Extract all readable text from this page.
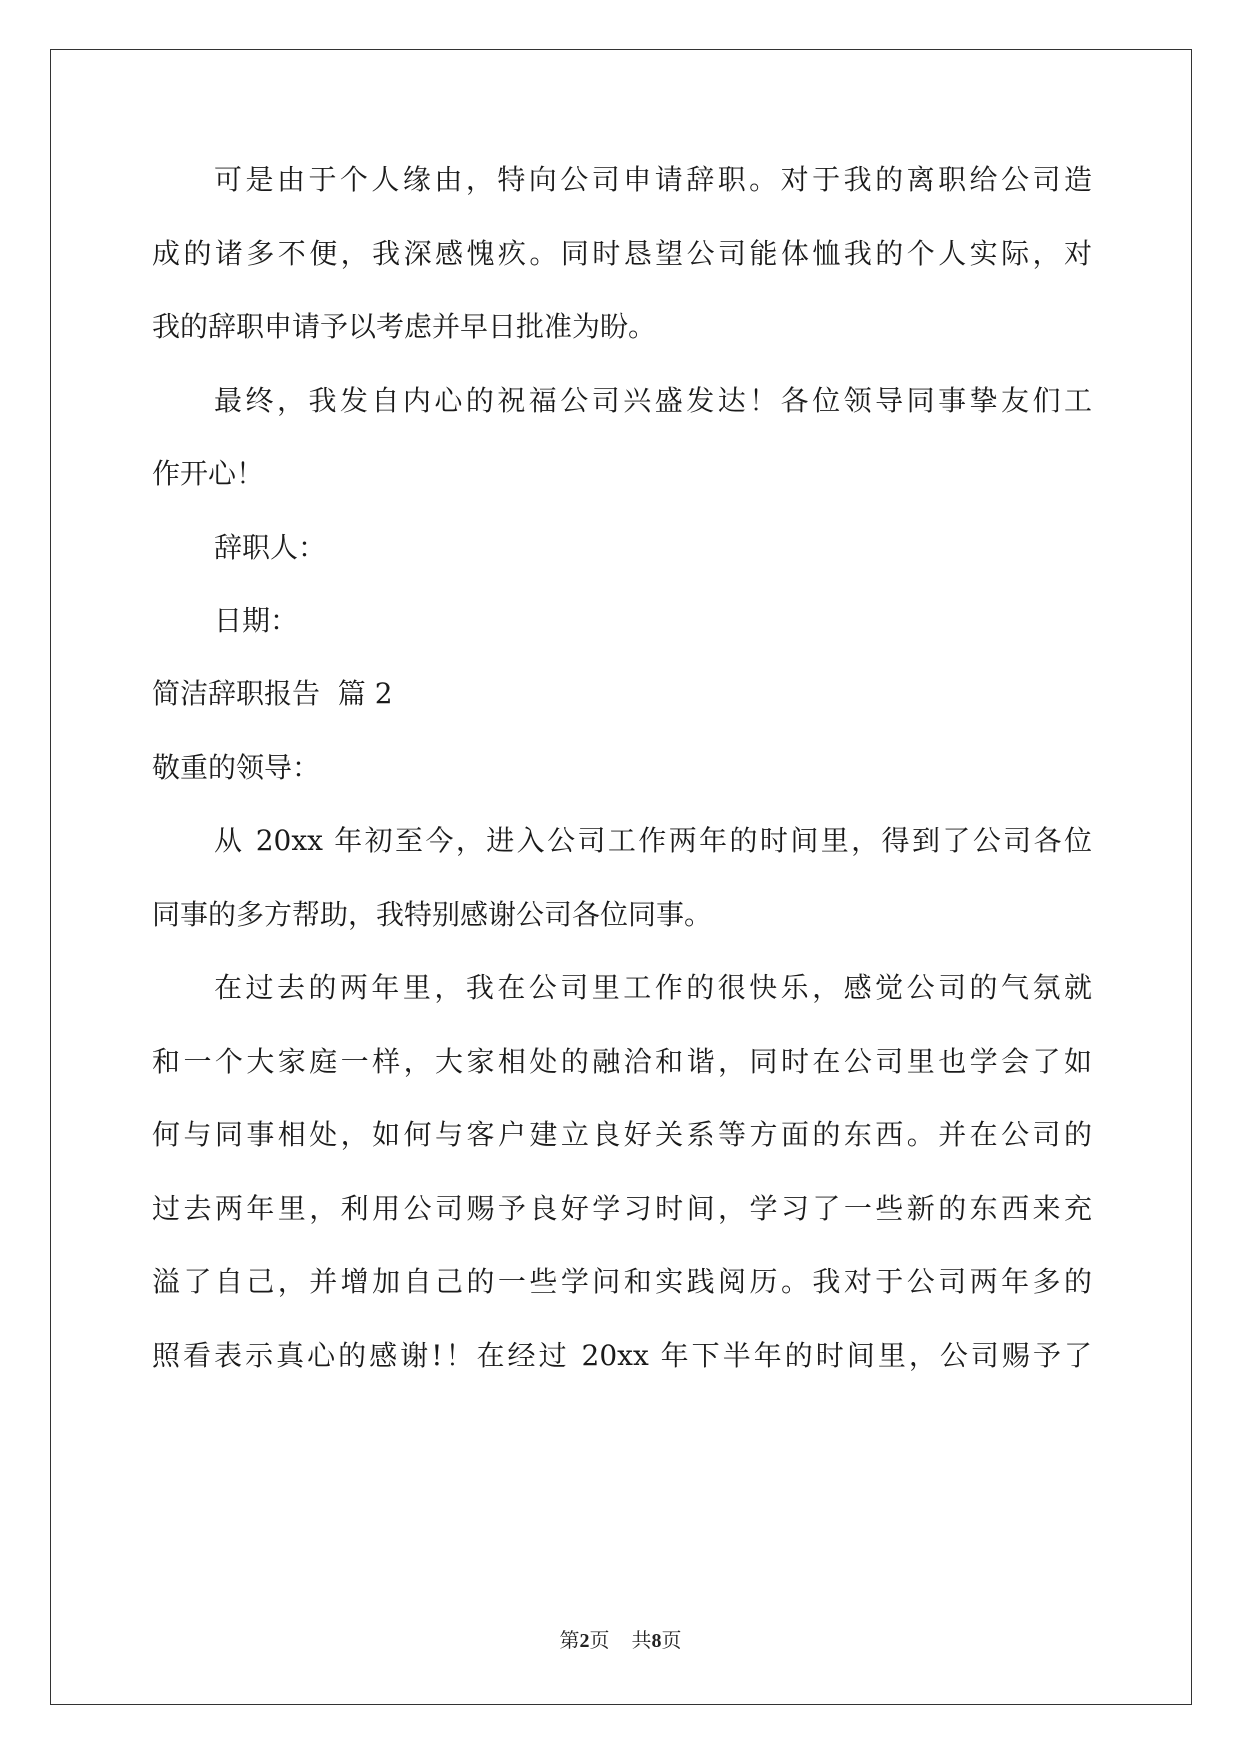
可是由于个人缘由，特向公司申请辞职。对于我的离职给公司造
成的诸多不便，我深感愧疚。同时恳望公司能体恤我的个人实际，对
我的辞职申请予以考虑并早日批准为盼。
最终，我发自内心的祝福公司兴盛发达！各位领导同事挚友们工
作开心！
辞职人：
日期：
简洁辞职报告  篇 2
敬重的领导：
从 20xx 年初至今，进入公司工作两年的时间里，得到了公司各位
同事的多方帮助，我特别感谢公司各位同事。
在过去的两年里，我在公司里工作的很快乐，感觉公司的气氛就
和一个大家庭一样，大家相处的融洽和谐，同时在公司里也学会了如
何与同事相处，如何与客户建立良好关系等方面的东西。并在公司的
过去两年里，利用公司赐予良好学习时间，学习了一些新的东西来充
溢了自己，并增加自己的一些学问和实践阅历。我对于公司两年多的
照看表示真心的感谢!！在经过 20xx 年下半年的时间里，公司赐予了
第2页 共8页
